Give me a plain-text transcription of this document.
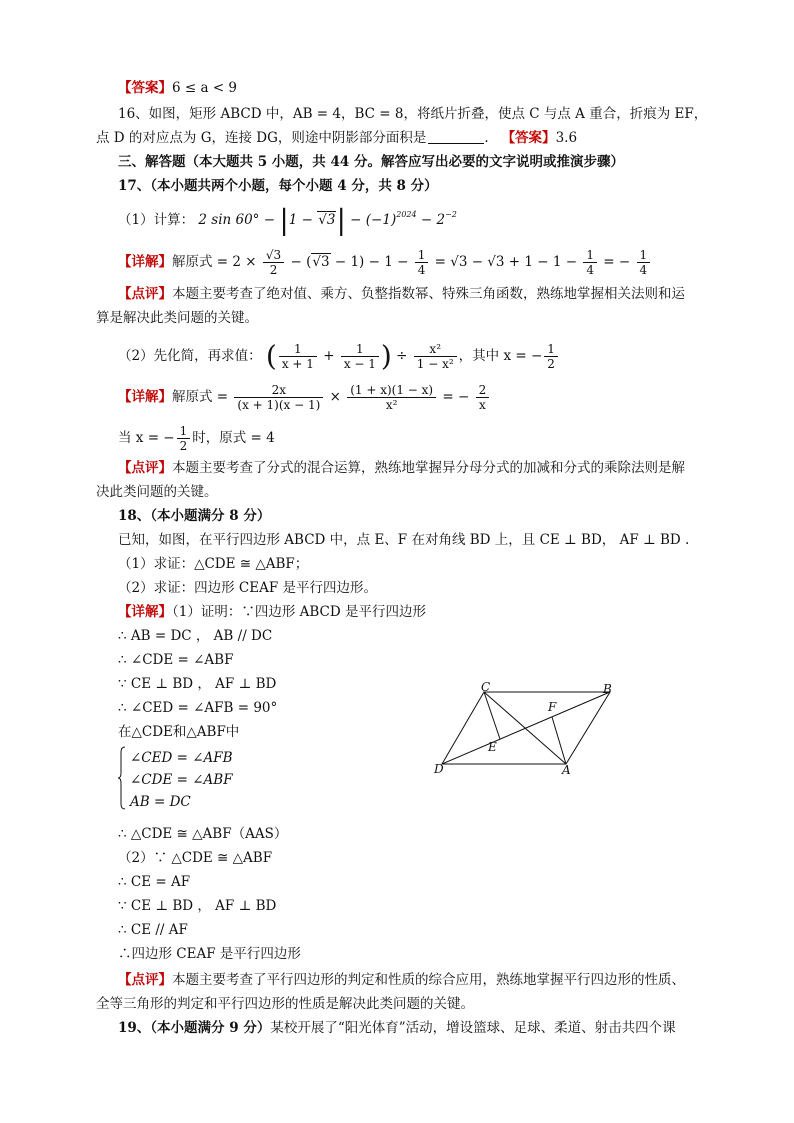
【答案】6 ≤ a < 9
16、如图，矩形 ABCD 中，AB = 4，BC = 8，将纸片折叠，使点 C 与点 A 重合，折痕为 EF，
点 D 的对应点为 G，连接 DG，则途中阴影部分面积是	. 【答案】3.6
三、解答题（本大题共 5 小题，共 44 分。解答应写出必要的文字说明或推演步骤）
17、（本小题共两个小题，每个小题 4 分，共 8 分）
（1）计算： 2 $\sin 60^\circ - |1 - √3| - (-1)^{2024} - 2^{-2}$
【详解】解原式 = $2 \times \frac{√3}{2} - (√3 - 1) - 1 - \frac{1}{4} = √3 - √3 + 1 - 1 - \frac{1}{4}$ = − $\frac{1}{4}$
【点评】本题主要考查了绝对值、乘方、负整指数幂、特殊三角函数，熟练地掌握相关法则和运
算是解决此类问题的关键。
（2）先化简，再求值： ( $\frac{1}{x + 1} + \frac{1}{x - 1}$ ) ÷ $\frac{\text{x²}}{\text{1 − x²}}$ ，其中 x = − $\frac{1}{2}$
【详解】解原式 = $\frac{2x}{(x + 1)(x - 1)} \times \frac{(1 + x)(1 - x)}{\text{x²}}$ = − $\frac{2}{x}$
当 x = − $\frac{1}{2}$ 时，原式 = 4
【点评】本题主要考查了分式的混合运算，熟练地掌握异分母分式的加减和分式的乘除法则是解
决此类问题的关键。
18、（本小题满分 8 分）
已知，如图，在平行四边形 ABCD 中，点 E、F 在对角线 BD 上，且 CE ⊥ BD， AF ⊥ BD .
（1）求证：△CDE ≅ △ABF；
（2）求证：四边形 CEAF 是平行四边形。
【详解】（1）证明：∵四边形 ABCD 是平行四边形
∴ AB = DC ， AB // DC
∴ ∠CDE = ∠ABF
∵ CE ⊥ BD ， AF ⊥ BD
∴ ∠CED = ∠AFB = 90°
在△CDE和△ABF中
∠CED = ∠AFB
∠CDE = ∠ABF
AB = DC
∴ △CDE ≅ △ABF（AAS）
（2）∵ △CDE ≅ △ABF
∴ CE = AF
∵ CE ⊥ BD ， AF ⊥ BD
∴ CE // AF
∴四边形 CEAF 是平行四边形
【点评】本题主要考查了平行四边形的判定和性质的综合应用，熟练地掌握平行四边形的性质、
全等三角形的判定和平行四边形的性质是解决此类问题的关键。
C	B
F
E
D	A
19、（本小题满分 9 分）某校开展了“阳光体育”活动，增设篮球、足球、柔道、射击共四个课
